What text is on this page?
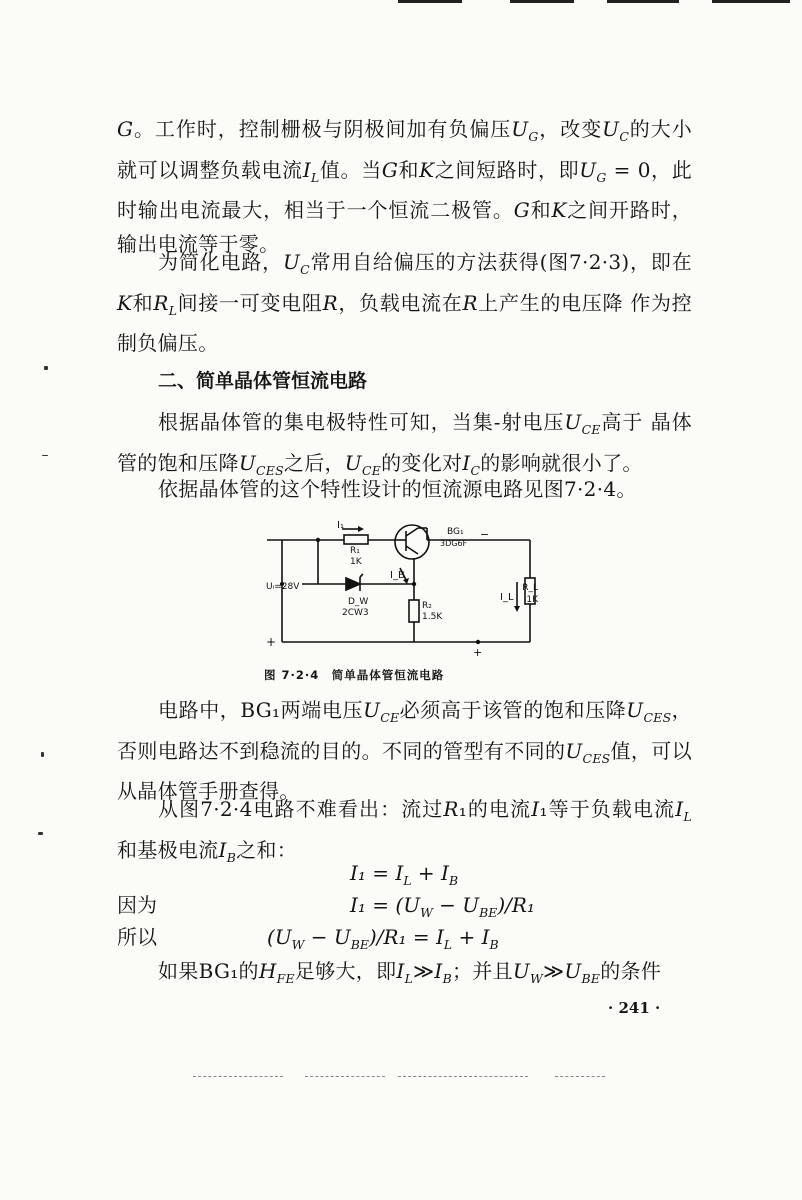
G。工作时，控制栅极与阴极间加有负偏压$U_G$，改变$U_C$的大小就可以调整负载电流$I_L$值。当G和K之间短路时，即$U_G = 0$，此时输出电流最大，相当于一个恒流二极管。G和K之间开路时，输出电流等于零。

为简化电路，$U_C$常用自给偏压的方法获得(图7·2·3)，即在K和$R_L$间接一可变电阻R，负载电流在R上产生的电压降 作为控制负偏压。

二、简单晶体管恒流电路

根据晶体管的集电极特性可知，当集-射电压$U_{CE}$高于 晶体管的饱和压降$U_{CES}$之后，$U_{CE}$的变化对$I_C$的影响就很小了。

依据晶体管的这个特性设计的恒流源电路见图7·2·4。

I₁
R₁
1K
BG₁
3DG6F
I_B
Uᵢ=28V
D_W
2CW3
R₂
1.5K
I_L
R_L
1K
−
+
+
图 7·2·4　简单晶体管恒流电路

电路中，BG₁两端电压$U_{CE}$必须高于该管的饱和压降$U_{CES}$，否则电路达不到稳流的目的。不同的管型有不同的$U_{CES}$值，可以从晶体管手册查得。

从图7·2·4电路不难看出：流过R₁的电流I₁等于负载电流$I_L$和基极电流$I_B$之和：

$I_1 = I_L + I_B$
因为	$I_1 = (U_W - U_{BE})/R_1$
所以	$(U_W - U_{BE})/R_1 = I_L + I_B$

如果BG₁的$H_{FE}$足够大，即$I_L≫I_B$；并且$U_W≫U_{BE}$的条件

· 241 ·
